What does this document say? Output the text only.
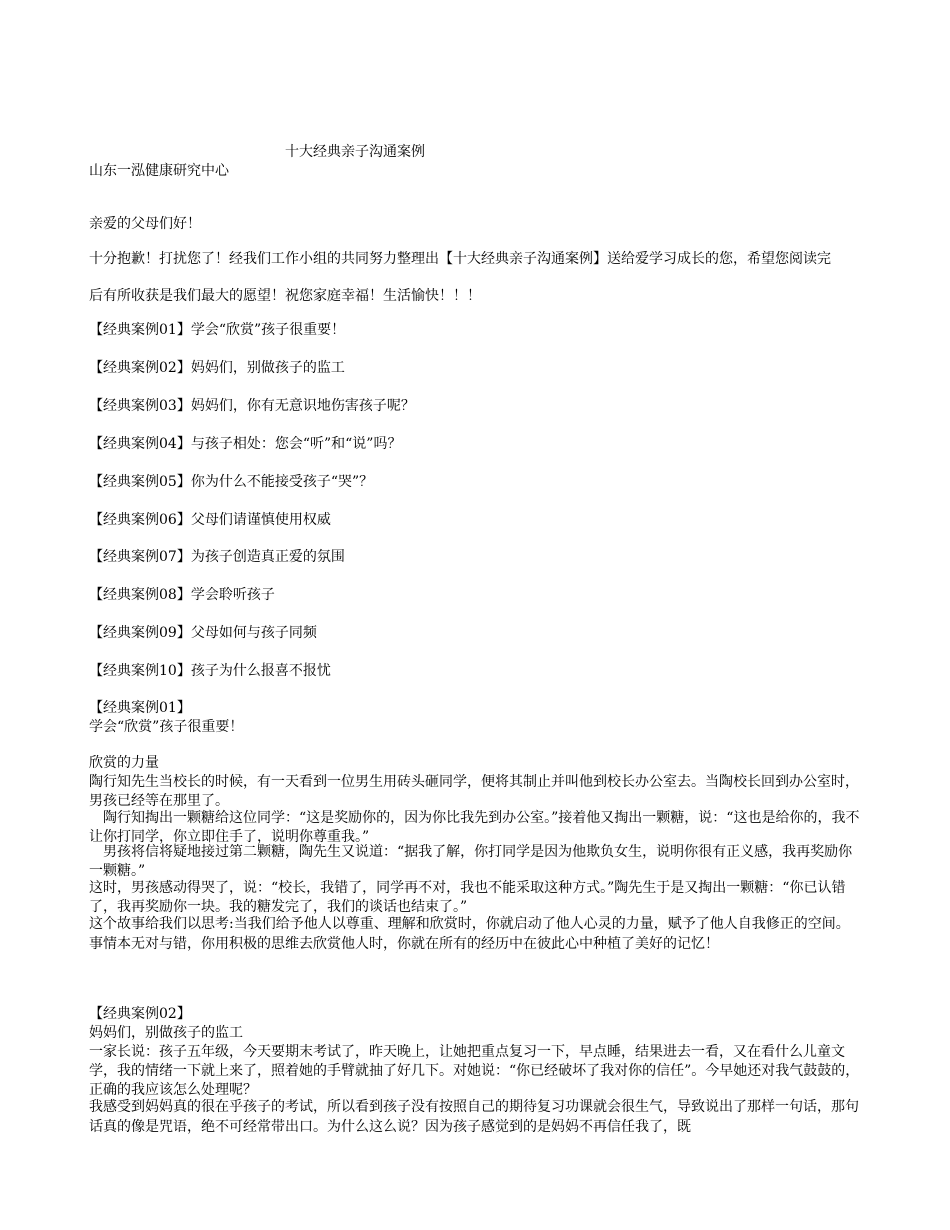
十大经典亲子沟通案例
山东一泓健康研究中心
亲爱的父母们好！
十分抱歉！打扰您了！经我们工作小组的共同努力整理出【十大经典亲子沟通案例】送给爱学习成长的您，希望您阅读完
后有所收获是我们最大的愿望！祝您家庭幸福！生活愉快！！！
【经典案例01】学会“欣赏”孩子很重要！
【经典案例02】妈妈们，别做孩子的监工
【经典案例03】妈妈们，你有无意识地伤害孩子呢？
【经典案例04】与孩子相处：您会“听”和“说”吗？
【经典案例05】你为什么不能接受孩子“哭”？
【经典案例06】父母们请谨慎使用权威
【经典案例07】为孩子创造真正爱的氛围
【经典案例08】学会聆听孩子
【经典案例09】父母如何与孩子同频
【经典案例10】孩子为什么报喜不报忧
【经典案例01】
学会“欣赏”孩子很重要！
欣赏的力量
陶行知先生当校长的时候，有一天看到一位男生用砖头砸同学，便将其制止并叫他到校长办公室去。当陶校长回到办公室时，男孩已经等在那里了。
　陶行知掏出一颗糖给这位同学：“这是奖励你的，因为你比我先到办公室。”接着他又掏出一颗糖，说：“这也是给你的，我不让你打同学，你立即住手了，说明你尊重我。”
　男孩将信将疑地接过第二颗糖，陶先生又说道：“据我了解，你打同学是因为他欺负女生，说明你很有正义感，我再奖励你一颗糖。”
这时，男孩感动得哭了，说：“校长，我错了，同学再不对，我也不能采取这种方式。”陶先生于是又掏出一颗糖：“你已认错了，我再奖励你一块。我的糖发完了，我们的谈话也结束了。”
这个故事给我们以思考:当我们给予他人以尊重、理解和欣赏时，你就启动了他人心灵的力量，赋予了他人自我修正的空间。事情本无对与错，你用积极的思维去欣赏他人时，你就在所有的经历中在彼此心中种植了美好的记忆！
【经典案例02】
妈妈们，别做孩子的监工
一家长说：孩子五年级，今天要期末考试了，昨天晚上，让她把重点复习一下，早点睡，结果进去一看，又在看什么儿童文学，我的情绪一下就上来了，照着她的手臂就抽了好几下。对她说：“你已经破坏了我对你的信任”。今早她还对我气鼓鼓的，正确的我应该怎么处理呢？
我感受到妈妈真的很在乎孩子的考试，所以看到孩子没有按照自己的期待复习功课就会很生气，导致说出了那样一句话，那句话真的像是咒语，绝不可经常带出口。为什么这么说？因为孩子感觉到的是妈妈不再信任我了，既
